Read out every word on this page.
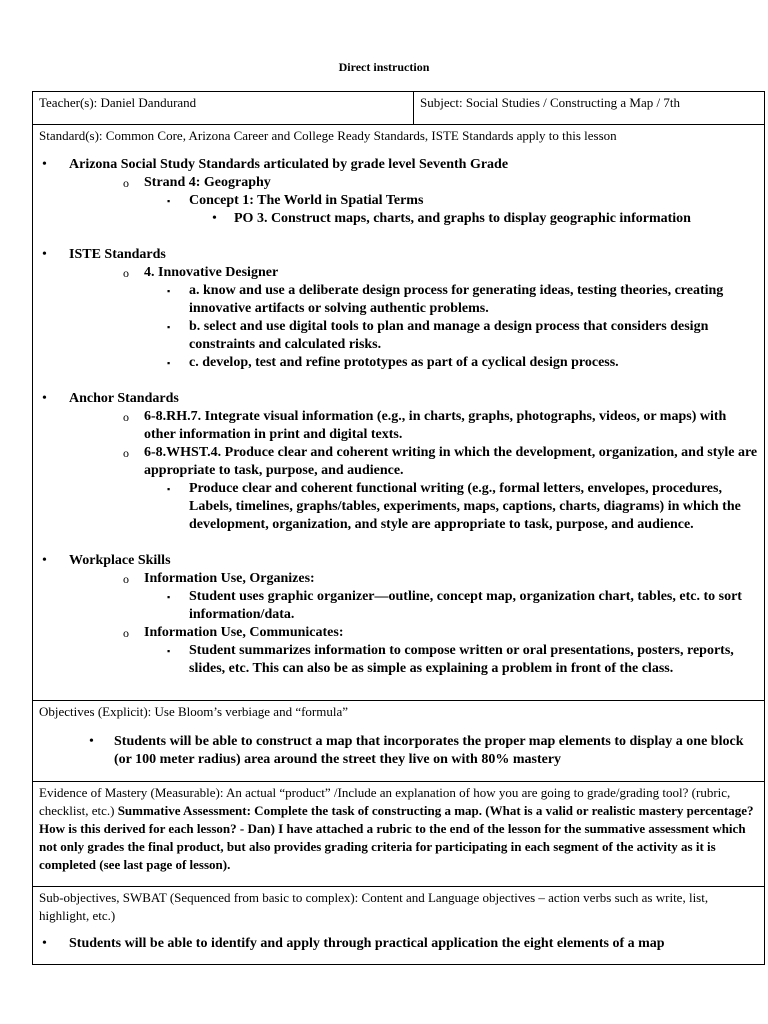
Direct instruction
Teacher(s): Daniel Dandurand	Subject: Social Studies / Constructing a Map / 7th

Standard(s): Common Core, Arizona Career and College Ready Standards, ISTE Standards apply to this lesson
• Arizona Social Study Standards articulated by grade level Seventh Grade
o Strand 4: Geography
▪ Concept 1: The World in Spatial Terms
• PO 3. Construct maps, charts, and graphs to display geographic information
• ISTE Standards
o 4. Innovative Designer
▪ a. know and use a deliberate design process for generating ideas, testing theories, creating innovative artifacts or solving authentic problems.
▪ b. select and use digital tools to plan and manage a design process that considers design constraints and calculated risks.
▪ c. develop, test and refine prototypes as part of a cyclical design process.
• Anchor Standards
o 6-8.RH.7. Integrate visual information (e.g., in charts, graphs, photographs, videos, or maps) with other information in print and digital texts.
o 6-8.WHST.4. Produce clear and coherent writing in which the development, organization, and style are appropriate to task, purpose, and audience.
▪ Produce clear and coherent functional writing (e.g., formal letters, envelopes, procedures, Labels, timelines, graphs/tables, experiments, maps, captions, charts, diagrams) in which the development, organization, and style are appropriate to task, purpose, and audience.
• Workplace Skills
o Information Use, Organizes:
▪ Student uses graphic organizer—outline, concept map, organization chart, tables, etc. to sort information/data.
o Information Use, Communicates:
▪ Student summarizes information to compose written or oral presentations, posters, reports, slides, etc. This can also be as simple as explaining a problem in front of the class.

Objectives (Explicit): Use Bloom’s verbiage and “formula”
• Students will be able to construct a map that incorporates the proper map elements to display a one block (or 100 meter radius) area around the street they live on with 80% mastery

Evidence of Mastery (Measurable): An actual “product” /Include an explanation of how you are going to grade/grading tool? (rubric, checklist, etc.) Summative Assessment: Complete the task of constructing a map. (What is a valid or realistic mastery percentage? How is this derived for each lesson? - Dan) I have attached a rubric to the end of the lesson for the summative assessment which not only grades the final product, but also provides grading criteria for participating in each segment of the activity as it is completed (see last page of lesson).

Sub-objectives, SWBAT (Sequenced from basic to complex): Content and Language objectives – action verbs such as write, list, highlight, etc.)
• Students will be able to identify and apply through practical application the eight elements of a map
